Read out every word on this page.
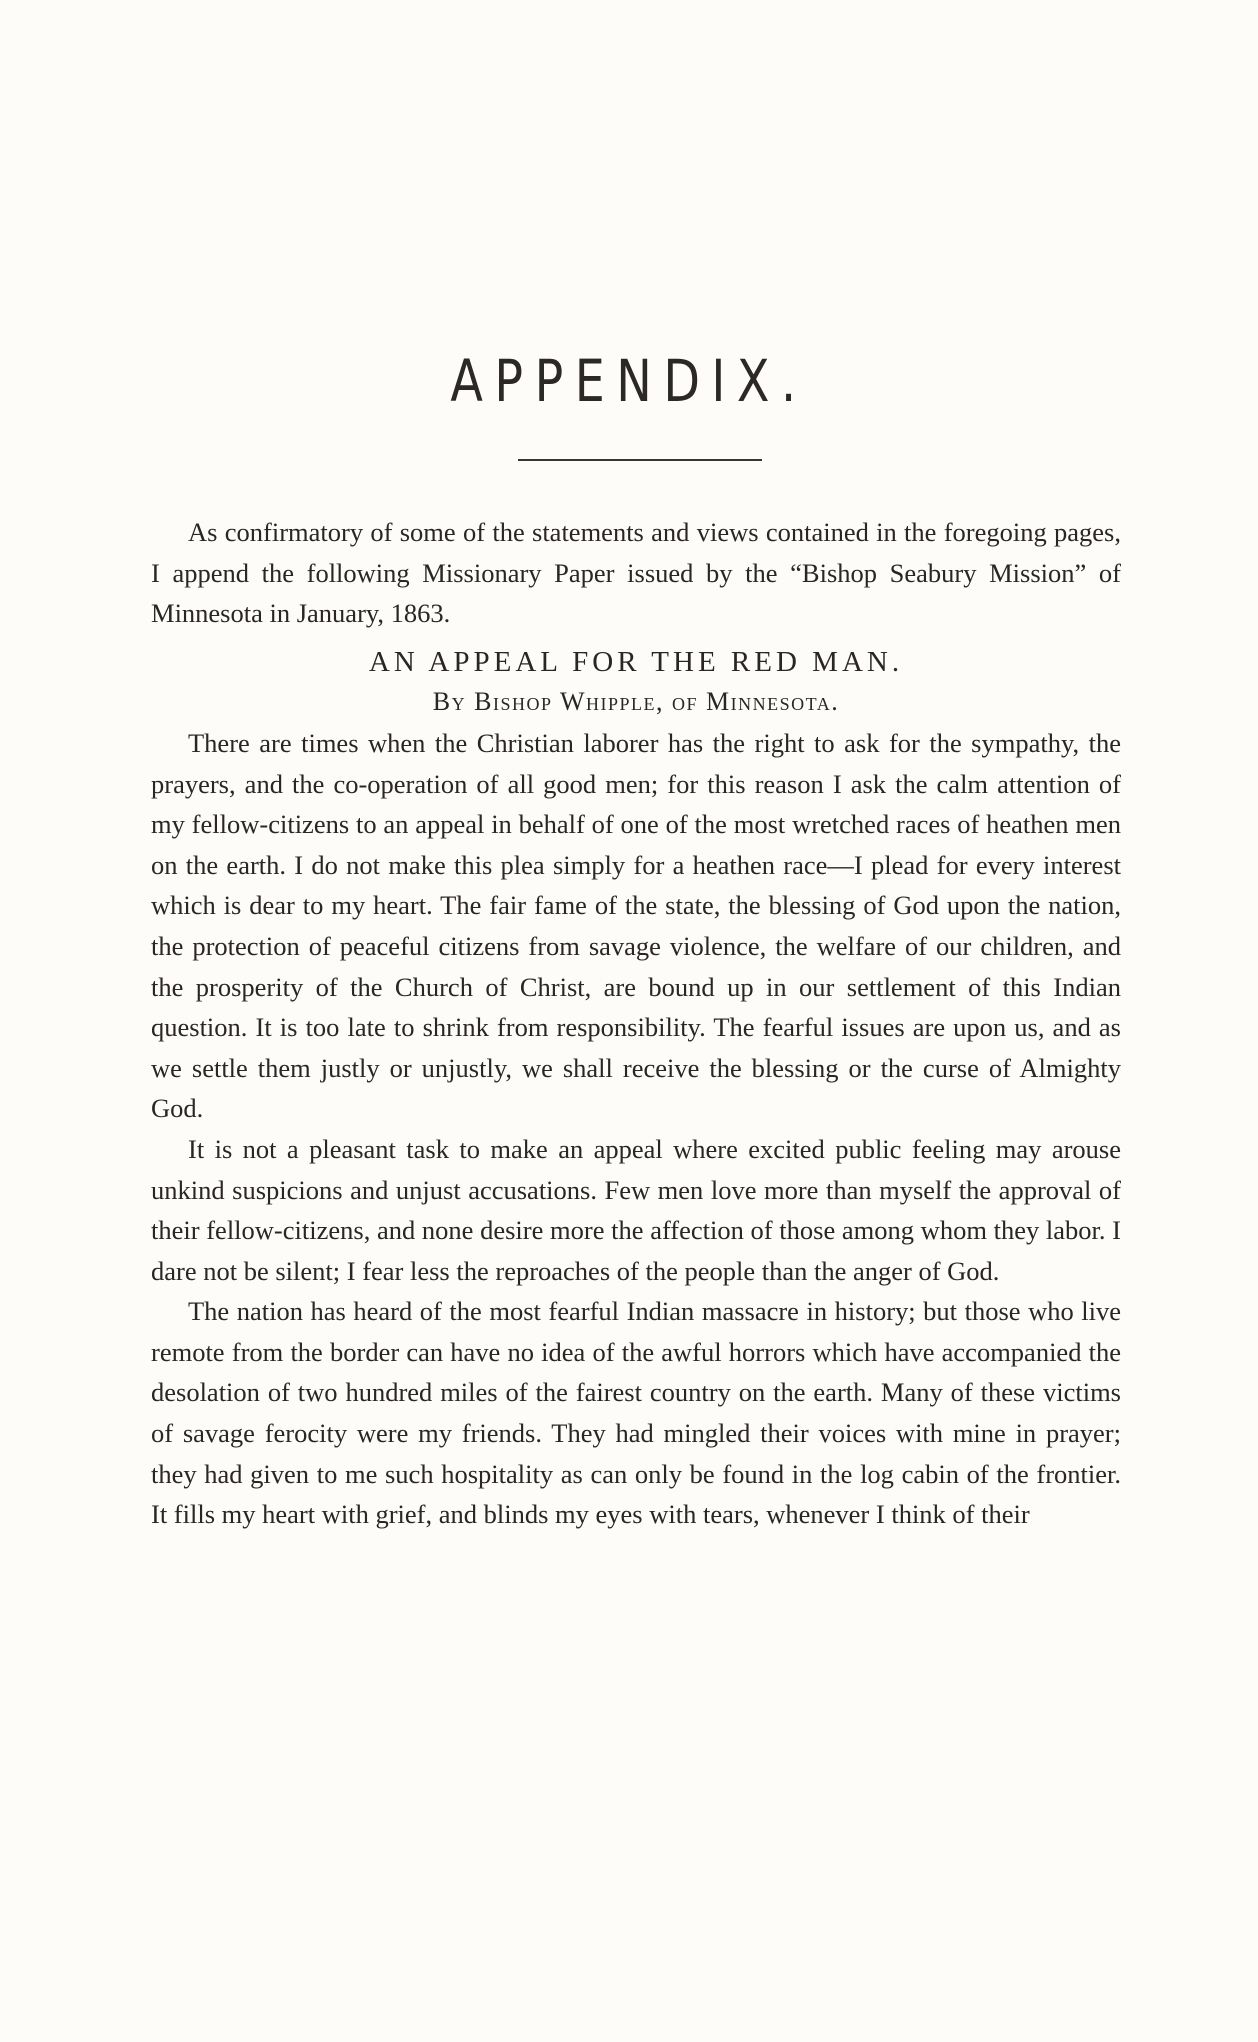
APPENDIX.

As confirmatory of some of the statements and views contained in the foregoing pages, I append the following Missionary Paper issued by the “Bishop Seabury Mission” of Minnesota in January, 1863.

AN APPEAL FOR THE RED MAN.

By Bishop Whipple, of Minnesota.

There are times when the Christian laborer has the right to ask for the sympathy, the prayers, and the co-operation of all good men; for this reason I ask the calm attention of my fellow-citizens to an appeal in behalf of one of the most wretched races of heathen men on the earth. I do not make this plea simply for a heathen race—I plead for every interest which is dear to my heart. The fair fame of the state, the blessing of God upon the nation, the protection of peaceful citizens from savage violence, the welfare of our children, and the prosperity of the Church of Christ, are bound up in our settlement of this Indian question. It is too late to shrink from responsibility. The fearful issues are upon us, and as we settle them justly or unjustly, we shall receive the blessing or the curse of Almighty God.

It is not a pleasant task to make an appeal where excited public feeling may arouse unkind suspicions and unjust accusations. Few men love more than myself the approval of their fellow-citizens, and none desire more the affection of those among whom they labor. I dare not be silent; I fear less the reproaches of the people than the anger of God.

The nation has heard of the most fearful Indian massacre in history; but those who live remote from the border can have no idea of the awful horrors which have accompanied the desolation of two hundred miles of the fairest country on the earth. Many of these victims of savage ferocity were my friends. They had mingled their voices with mine in prayer; they had given to me such hospitality as can only be found in the log cabin of the frontier. It fills my heart with grief, and blinds my eyes with tears, whenever I think of their
